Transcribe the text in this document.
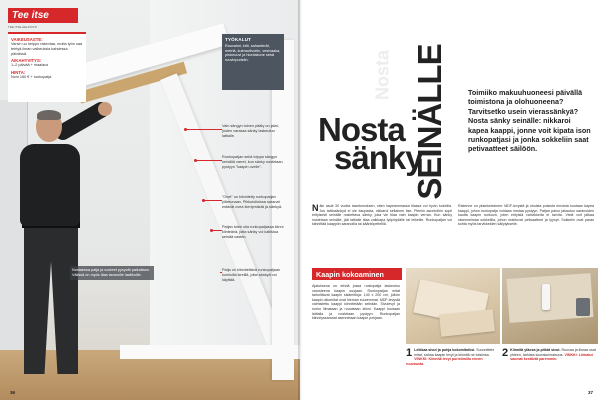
Tee itse
TEE ITSE HELPOSTI
VAIKEUSASTE:
Varsin uu helppo rakentaa, mutta työn saa tehtyä ilman vaikeuksia kahdessa päivässä.
AIKAHYVITYS:
1–2 päivää + maalaus
HINTA:
Noin 160 € + runkopatja
TYÖKALUT
Ruuvaimi, kitti, sahanterät, metriä, kulmaviivoitin, vesivaaka, pistoruuvi ja hiontakone sekä ruuvinpuristin.
Vain sängyn toinen pääty on jalat, joiden varassa sänky laskeutuu lattialle.
Runkopatjan sekä tolppa sängyn seinällä varret, kun sänky nostetaan pystyyn "kaapin ovelle".
"Ovet" on kiinnitetty runkopatjan yläreunaan. Pikkutolloissa saranat estävät ovea kiertymästä ja sänkyä.
Patjan tulee olla runkopatjassa kiinni kiinteänä, jotta sänky voi kallistua seinää vasten.
Patja on kiinnitettävä runkopatjaan kumisilla kireillä, jotta sänkyä voi käyttää.
Nostaessa patja ja vuoteet pysyvät paikallaan. Välissä on myös tilaa tavaroille laatikoille.
36
Nosta
Nosta
sänky
SEINÄLLE	Toimiiko makuuhuoneesi päivällä toimistona ja olohuoneena? Tarvitsetko usein vierassänkyä? Nosta sänky seinälle: nikkaroi kapea kaappi, jonne voit kipata ison runkopatjasi ja jonka sokkeliin saat petivaatteet säilöön.
Näin asuit 30 vuotta taantumuksen, siten kapeammassa tilassa voi hyvin kokeilla. Jos taittosänkyä ei ole kaupasta, nikkaroi sellainen itse. Pieniin asuntoihin sopii erityisesti seinälle nostettava sänky, joka vie tilaa vain kaapin verran. Kun sänky nostetaan seinälle, jää lattialle tilaa vaikkapa työpöydälle tai leikeille. Runkopatjan voi kiinnittää kaappiin saranoilla tai kääntöpelteillä.
Rakenne on yksinkertainen: MDF-levystä ja ohuista puisista rimoista kootaan kapea kaappi, johon runkopatja voidaan nostaa pystyyn. Patjan paino jakautuu saranoiden kautta kaapin runkoon, joten erityisiä vahvikkeita ei tarvita. Vielä voit jatkaa rakennelmaa sokkelilla, johon mahtuvat petivaatteet ja tyynyt. Sokkelin ovat paras kohta myös tarvikkeiden säilytykselle.
Kaapin kokoaminen
Ajatuksena on tehdä jossa runkopatja laskeutuu varusteena kaapin suojaan. Runkopatjan mitat tarkoittavat kaapin sisämittoja: 140 x 200 cm, jolloin kaapin ulkomitat ovat hieman suuremmat. MDF-levystä valmistettu kaappi kiinnitetään seinään. Sivulevyt ja runko liimataan ja ruuvataan kiinni. Kaappi kootaan lattialla ja nostetaan pystyyn. Runkopatjan kiinnityssaranat asennetaan kaapin pohjaan.
1 Leikkaa sivut ja pohja kokomitoiksi. Suunnittele mitat, sahaa kaapin levyt ja kiinnitä ne toisiinsa. VINKKI: Kiinnitä levyt puristimilla ennen ruuvausta.
2 Kiinnitä yläosa ja pitkät sivut. Ruuvaa ja liimaa osat yhteen, tarkista suorakulmaisuus. VINKKI: Liimatut saumat kestävät paremmin.
37
